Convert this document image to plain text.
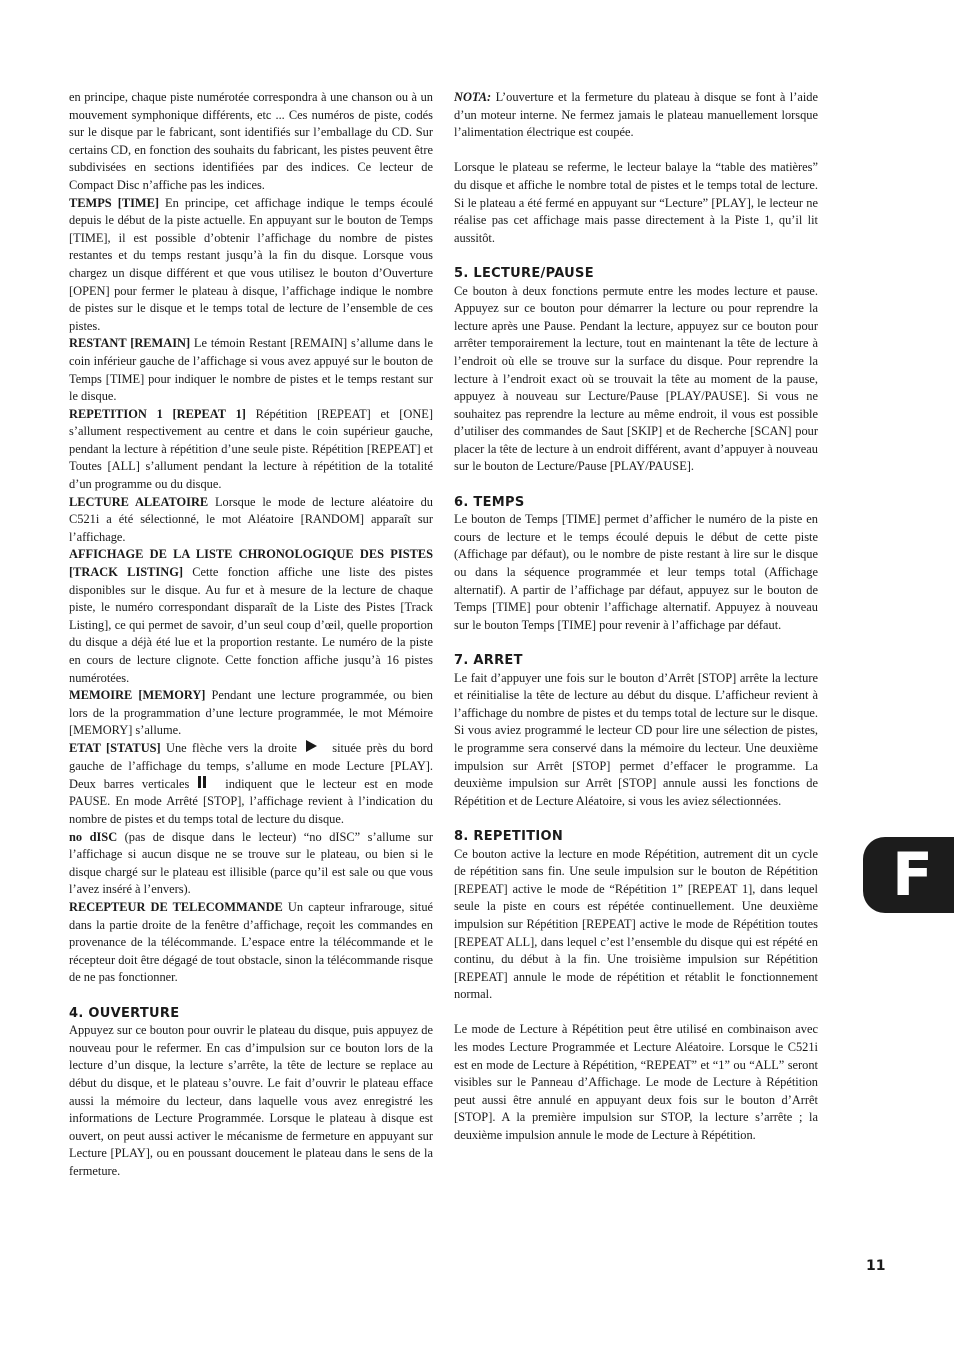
en principe, chaque piste numérotée correspondra à une chanson ou à un mouvement symphonique différents, etc ... Ces numéros de piste, codés sur le disque par le fabricant, sont identifiés sur l’emballage du CD. Sur certains CD, en fonction des souhaits du fabricant, les pistes peuvent être subdivisées en sections identifiées par des indices. Ce lecteur de Compact Disc n’affiche pas les indices.

TEMPS [TIME] En principe, cet affichage indique le temps écoulé depuis le début de la piste actuelle. En appuyant sur le bouton de Temps [TIME], il est possible d’obtenir l’affichage du nombre de pistes restantes et du temps restant jusqu’à la fin du disque. Lorsque vous chargez un disque différent et que vous utilisez le bouton d’Ouverture [OPEN] pour fermer le plateau à disque, l’affichage indique le nombre de pistes sur le disque et le temps total de lecture de l’ensemble de ces pistes.

RESTANT [REMAIN] Le témoin Restant [REMAIN] s’allume dans le coin inférieur gauche de l’affichage si vous avez appuyé sur le bouton de Temps [TIME] pour indiquer le nombre de pistes et le temps restant sur le disque.

REPETITION 1 [REPEAT 1] Répétition [REPEAT] et [ONE] s’allument respectivement au centre et dans le coin supérieur gauche, pendant la lecture à répétition d’une seule piste. Répétition [REPEAT] et Toutes [ALL] s’allument pendant la lecture à répétition de la totalité d’un programme ou du disque.

LECTURE ALEATOIRE Lorsque le mode de lecture aléatoire du C521i a été sélectionné, le mot Aléatoire [RANDOM] apparaît sur l’affichage.

AFFICHAGE DE LA LISTE CHRONOLOGIQUE DES PISTES [TRACK LISTING] Cette fonction affiche une liste des pistes disponibles sur le disque. Au fur et à mesure de la lecture de chaque piste, le numéro correspondant disparaît de la Liste des Pistes [Track Listing], ce qui permet de savoir, d’un seul coup d’œil, quelle proportion du disque a déjà été lue et la proportion restante. Le numéro de la piste en cours de lecture clignote. Cette fonction affiche jusqu’à 16 pistes numérotées.

MEMOIRE [MEMORY] Pendant une lecture programmée, ou bien lors de la programmation d’une lecture programmée, le mot Mémoire [MEMORY] s’allume.

ETAT [STATUS] Une flèche vers la droite située près du bord gauche de l’affichage du temps, s’allume en mode Lecture [PLAY]. Deux barres verticales indiquent que le lecteur est en mode PAUSE. En mode Arrêté [STOP], l’affichage revient à l’indication du nombre de pistes et du temps total de lecture du disque.

no dISC (pas de disque dans le lecteur) “no dISC” s’allume sur l’affichage si aucun disque ne se trouve sur le plateau, ou bien si le disque chargé sur le plateau est illisible (parce qu’il est sale ou que vous l’avez inséré à l’envers).

RECEPTEUR DE TELECOMMANDE Un capteur infrarouge, situé dans la partie droite de la fenêtre d’affichage, reçoit les commandes en provenance de la télécommande. L’espace entre la télécommande et le récepteur doit être dégagé de tout obstacle, sinon la télécommande risque de ne pas fonctionner.

4. OUVERTURE

Appuyez sur ce bouton pour ouvrir le plateau du disque, puis appuyez de nouveau pour le refermer. En cas d’impulsion sur ce bouton lors de la lecture d’un disque, la lecture s’arrête, la tête de lecture se replace au début du disque, et le plateau s’ouvre. Le fait d’ouvrir le plateau efface aussi la mémoire du lecteur, dans laquelle vous avez enregistré les informations de Lecture Programmée. Lorsque le plateau à disque est ouvert, on peut aussi activer le mécanisme de fermeture en appuyant sur Lecture [PLAY], ou en poussant doucement le plateau dans le sens de la fermeture.

NOTA: L’ouverture et la fermeture du plateau à disque se font à l’aide d’un moteur interne. Ne fermez jamais le plateau manuellement lorsque l’alimentation électrique est coupée.

Lorsque le plateau se referme, le lecteur balaye la “table des matières” du disque et affiche le nombre total de pistes et le temps total de lecture. Si le plateau a été fermé en appuyant sur “Lecture” [PLAY], le lecteur ne réalise pas cet affichage mais passe directement à la Piste 1, qu’il lit aussitôt.

5. LECTURE/PAUSE

Ce bouton à deux fonctions permute entre les modes lecture et pause. Appuyez sur ce bouton pour démarrer la lecture ou pour reprendre la lecture après une Pause. Pendant la lecture, appuyez sur ce bouton pour arrêter temporairement la lecture, tout en maintenant la tête de lecture à l’endroit où elle se trouve sur la surface du disque. Pour reprendre la lecture à l’endroit exact où se trouvait la tête au moment de la pause, appuyez à nouveau sur Lecture/Pause [PLAY/PAUSE]. Si vous ne souhaitez pas reprendre la lecture au même endroit, il vous est possible d’utiliser des commandes de Saut [SKIP] et de Recherche [SCAN] pour placer la tête de lecture à un endroit différent, avant d’appuyer à nouveau sur le bouton de Lecture/Pause [PLAY/PAUSE].

6. TEMPS

Le bouton de Temps [TIME] permet d’afficher le numéro de la piste en cours de lecture et le temps écoulé depuis le début de cette piste (Affichage par défaut), ou le nombre de piste restant à lire sur le disque ou dans la séquence programmée et leur temps total (Affichage alternatif). A partir de l’affichage par défaut, appuyez sur le bouton de Temps [TIME] pour obtenir l’affichage alternatif. Appuyez à nouveau sur le bouton Temps [TIME] pour revenir à l’affichage par défaut.

7. ARRET

Le fait d’appuyer une fois sur le bouton d’Arrêt [STOP] arrête la lecture et réinitialise la tête de lecture au début du disque. L’afficheur revient à l’affichage du nombre de pistes et du temps total de lecture sur le disque. Si vous aviez programmé le lecteur CD pour lire une sélection de pistes, le programme sera conservé dans la mémoire du lecteur. Une deuxième impulsion sur Arrêt [STOP] permet d’effacer le programme. La deuxième impulsion sur Arrêt [STOP] annule aussi les fonctions de Répétition et de Lecture Aléatoire, si vous les aviez sélectionnées.

8. REPETITION

Ce bouton active la lecture en mode Répétition, autrement dit un cycle de répétition sans fin. Une seule impulsion sur le bouton de Répétition [REPEAT] active le mode de “Répétition 1” [REPEAT 1], dans lequel seule la piste en cours est répétée continuellement. Une deuxième impulsion sur Répétition [REPEAT] active le mode de Répétition toutes [REPEAT ALL], dans lequel c’est l’ensemble du disque qui est répété en continu, du début à la fin. Une troisième impulsion sur Répétition [REPEAT] annule le mode de répétition et rétablit le fonctionnement normal.

Le mode de Lecture à Répétition peut être utilisé en combinaison avec les modes Lecture Programmée et Lecture Aléatoire. Lorsque le C521i est en mode de Lecture à Répétition, “REPEAT” et “1” ou “ALL” seront visibles sur le Panneau d’Affichage. Le mode de Lecture à Répétition peut aussi être annulé en appuyant deux fois sur le bouton d’Arrêt [STOP]. A la première impulsion sur STOP, la lecture s’arrête ; la deuxième impulsion annule le mode de Lecture à Répétition.

F
11
